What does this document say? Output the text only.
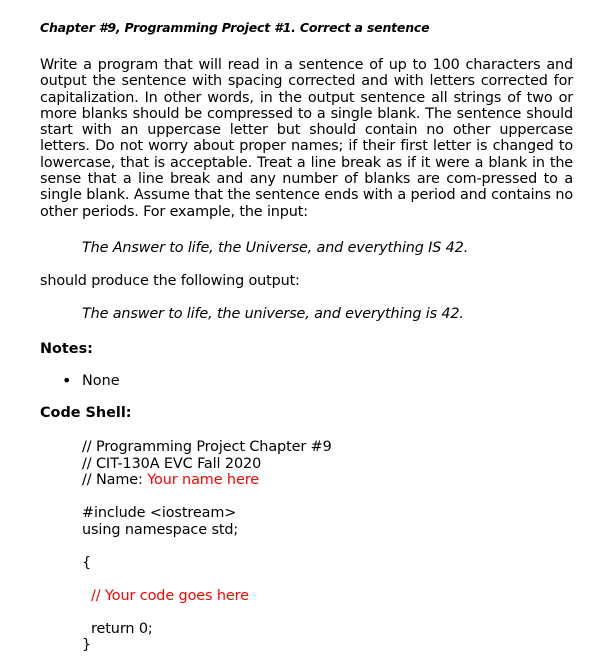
Chapter #9, Programming Project #1. Correct a sentence

Write a program that will read in a sentence of up to 100 characters and output the sentence with spacing corrected and with letters corrected for capitalization. In other words, in the output sentence all strings of two or more blanks should be compressed to a single blank. The sentence should start with an uppercase letter but should contain no other uppercase letters. Do not worry about proper names; if their first letter is changed to lowercase, that is acceptable. Treat a line break as if it were a blank in the sense that a line break and any number of blanks are com-pressed to a single blank. Assume that the sentence ends with a period and contains no other periods. For example, the input:

The Answer to life, the Universe, and everything IS 42.
should produce the following output:
The answer to life, the universe, and everything is 42.
Notes:
• None
Code Shell:
// Programming Project Chapter #9
// CIT-130A EVC Fall 2020
// Name: Your name here
#include <iostream>
using namespace std;
{
// Your code goes here
return 0;
}
